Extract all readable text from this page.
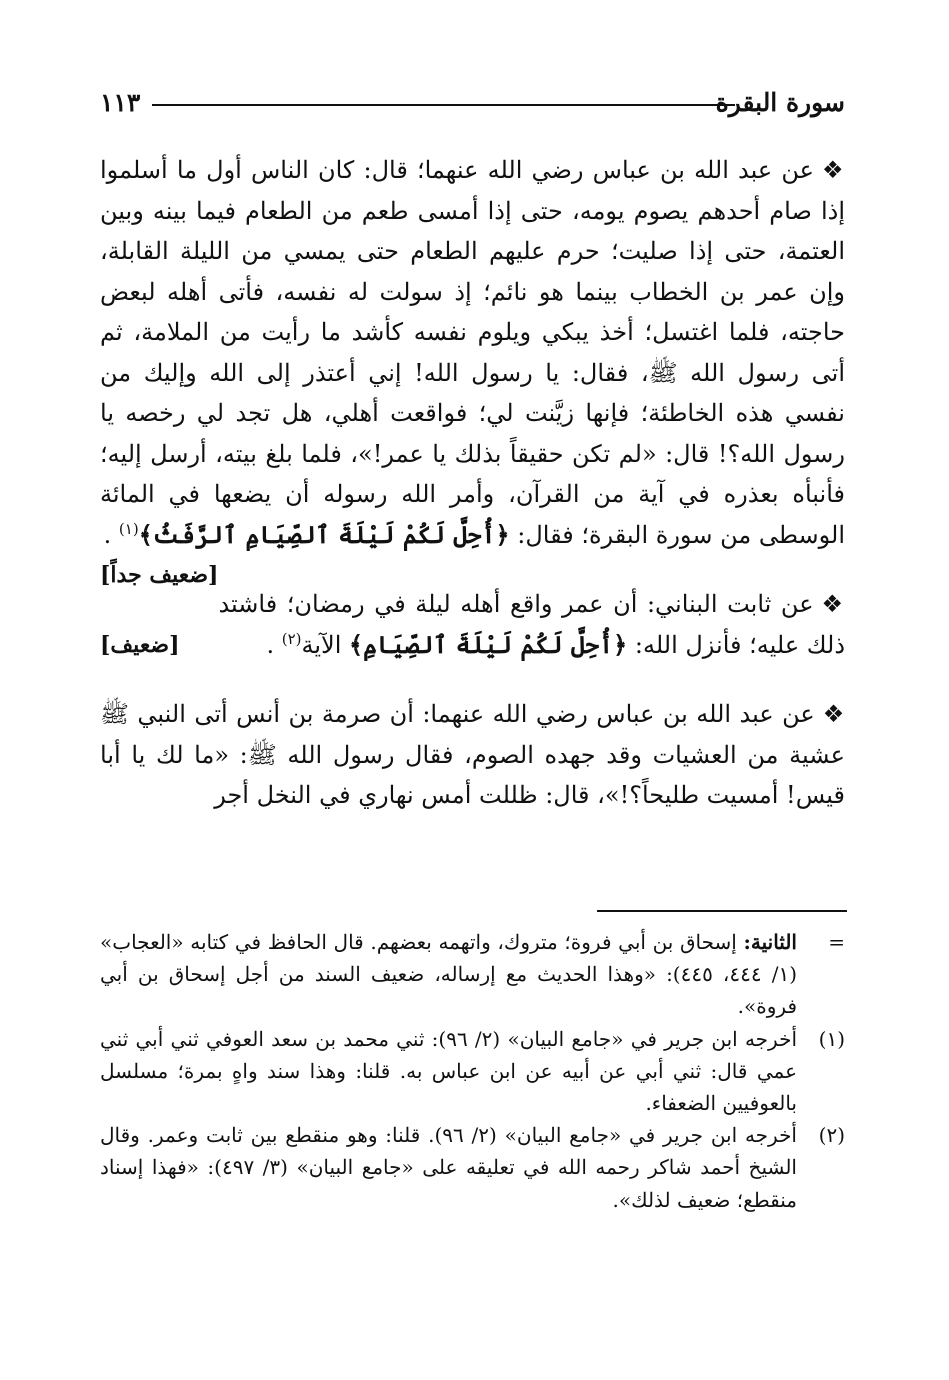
سورة البقرة
١١٣

❖عن عبد الله بن عباس رضي الله عنهما؛ قال: كان الناس أول ما أسلموا إذا صام أحدهم يصوم يومه، حتى إذا أمسى طعم من الطعام فيما بينه وبين العتمة، حتى إذا صليت؛ حرم عليهم الطعام حتى يمسي من الليلة القابلة، وإن عمر بن الخطاب بينما هو نائم؛ إذ سولت له نفسه، فأتى أهله لبعض حاجته، فلما اغتسل؛ أخذ يبكي ويلوم نفسه كأشد ما رأيت من الملامة، ثم أتى رسول الله ﷺ، فقال: يا رسول الله! إني أعتذر إلى الله وإليك من نفسي هذه الخاطئة؛ فإنها زيَّنت لي؛ فواقعت أهلي، هل تجد لي رخصه يا رسول الله؟! قال: «لم تكن حقيقاً بذلك يا عمر!»، فلما بلغ بيته، أرسل إليه؛ فأنبأه بعذره في آية من القرآن، وأمر الله رسوله أن يضعها في المائة الوسطى من سورة البقرة؛ فقال: ﴿أُحِلَّ لَكُمْ لَيْلَةَ ٱلصِّيَامِ ٱلرَّفَثُ﴾$^{(١)}$ .
[ضعيف جداً]

❖عن ثابت البناني: أن عمر واقع أهله ليلة في رمضان؛ فاشتد ذلك عليه؛ فأنزل الله: ﴿أُحِلَّ لَكُمْ لَيْلَةَ ٱلصِّيَامِ﴾ الآية$^{(٢)}$ .
[ضعيف]

❖عن عبد الله بن عباس رضي الله عنهما: أن صرمة بن أنس أتى النبي ﷺ عشية من العشيات وقد جهده الصوم، فقال رسول الله ﷺ: «ما لك يا أبا قيس! أمسيت طليحاً؟!»، قال: ظللت أمس نهاري في النخل أجر

=
الثانية: إسحاق بن أبي فروة؛ متروك، واتهمه بعضهم. قال الحافظ في كتابه «العجاب» (١/ ٤٤٤، ٤٤٥): «وهذا الحديث مع إرساله، ضعيف السند من أجل إسحاق بن أبي فروة».

(١)
أخرجه ابن جرير في «جامع البيان» (٢/ ٩٦): ثني محمد بن سعد العوفي ثني أبي ثني عمي قال: ثني أبي عن أبيه عن ابن عباس به. قلنا: وهذا سند واهٍ بمرة؛ مسلسل بالعوفيين الضعفاء.

(٢)
أخرجه ابن جرير في «جامع البيان» (٢/ ٩٦). قلنا: وهو منقطع بين ثابت وعمر. وقال الشيخ أحمد شاكر رحمه الله في تعليقه على «جامع البيان» (٣/ ٤٩٧): «فهذا إسناد منقطع؛ ضعيف لذلك».
